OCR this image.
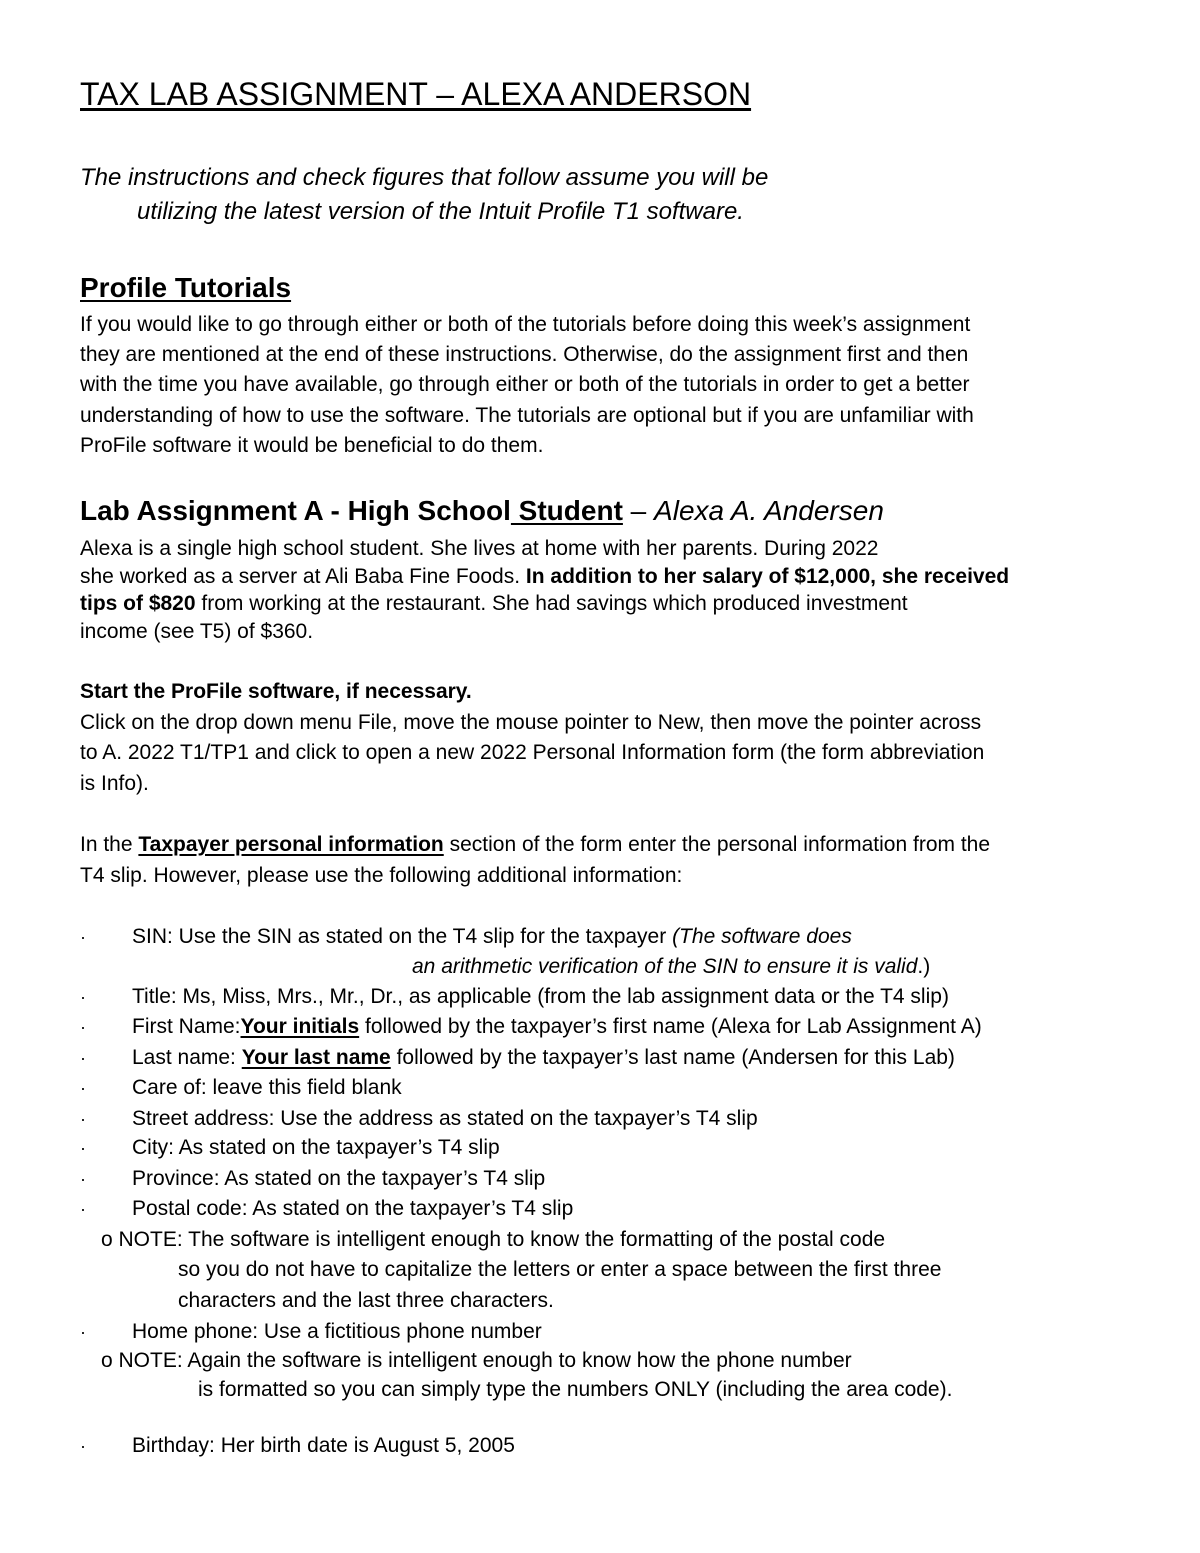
TAX LAB ASSIGNMENT – ALEXA ANDERSON
The instructions and check figures that follow assume you will be
utilizing the latest version of the Intuit Profile T1 software.
Profile Tutorials
If you would like to go through either or both of the tutorials before doing this week’s assignment
they are mentioned at the end of these instructions. Otherwise, do the assignment first and then
with the time you have available, go through either or both of the tutorials in order to get a better
understanding of how to use the software. The tutorials are optional but if you are unfamiliar with
ProFile software it would be beneficial to do them.
Lab Assignment A - High School Student – Alexa A. Andersen
Alexa is a single high school student. She lives at home with her parents. During 2022
she worked as a server at Ali Baba Fine Foods. In addition to her salary of $12,000, she received
tips of $820 from working at the restaurant. She had savings which produced investment
income (see T5) of $360.
Start the ProFile software, if necessary.
Click on the drop down menu File, move the mouse pointer to New, then move the pointer across
to A. 2022 T1/TP1 and click to open a new 2022 Personal Information form (the form abbreviation
is Info).
In the Taxpayer personal information section of the form enter the personal information from the
T4 slip. However, please use the following additional information:
· SIN: Use the SIN as stated on the T4 slip for the taxpayer (The software does
an arithmetic verification of the SIN to ensure it is valid.)
· Title: Ms, Miss, Mrs., Mr., Dr., as applicable (from the lab assignment data or the T4 slip)
· First Name:Your initials followed by the taxpayer’s first name (Alexa for Lab Assignment A)
· Last name: Your last name followed by the taxpayer’s last name (Andersen for this Lab)
· Care of: leave this field blank
· Street address: Use the address as stated on the taxpayer’s T4 slip
· City: As stated on the taxpayer’s T4 slip
· Province: As stated on the taxpayer’s T4 slip
· Postal code: As stated on the taxpayer’s T4 slip
o NOTE: The software is intelligent enough to know the formatting of the postal code
so you do not have to capitalize the letters or enter a space between the first three
characters and the last three characters.
· Home phone: Use a fictitious phone number
o NOTE: Again the software is intelligent enough to know how the phone number
is formatted so you can simply type the numbers ONLY (including the area code).
· Birthday: Her birth date is August 5, 2005
